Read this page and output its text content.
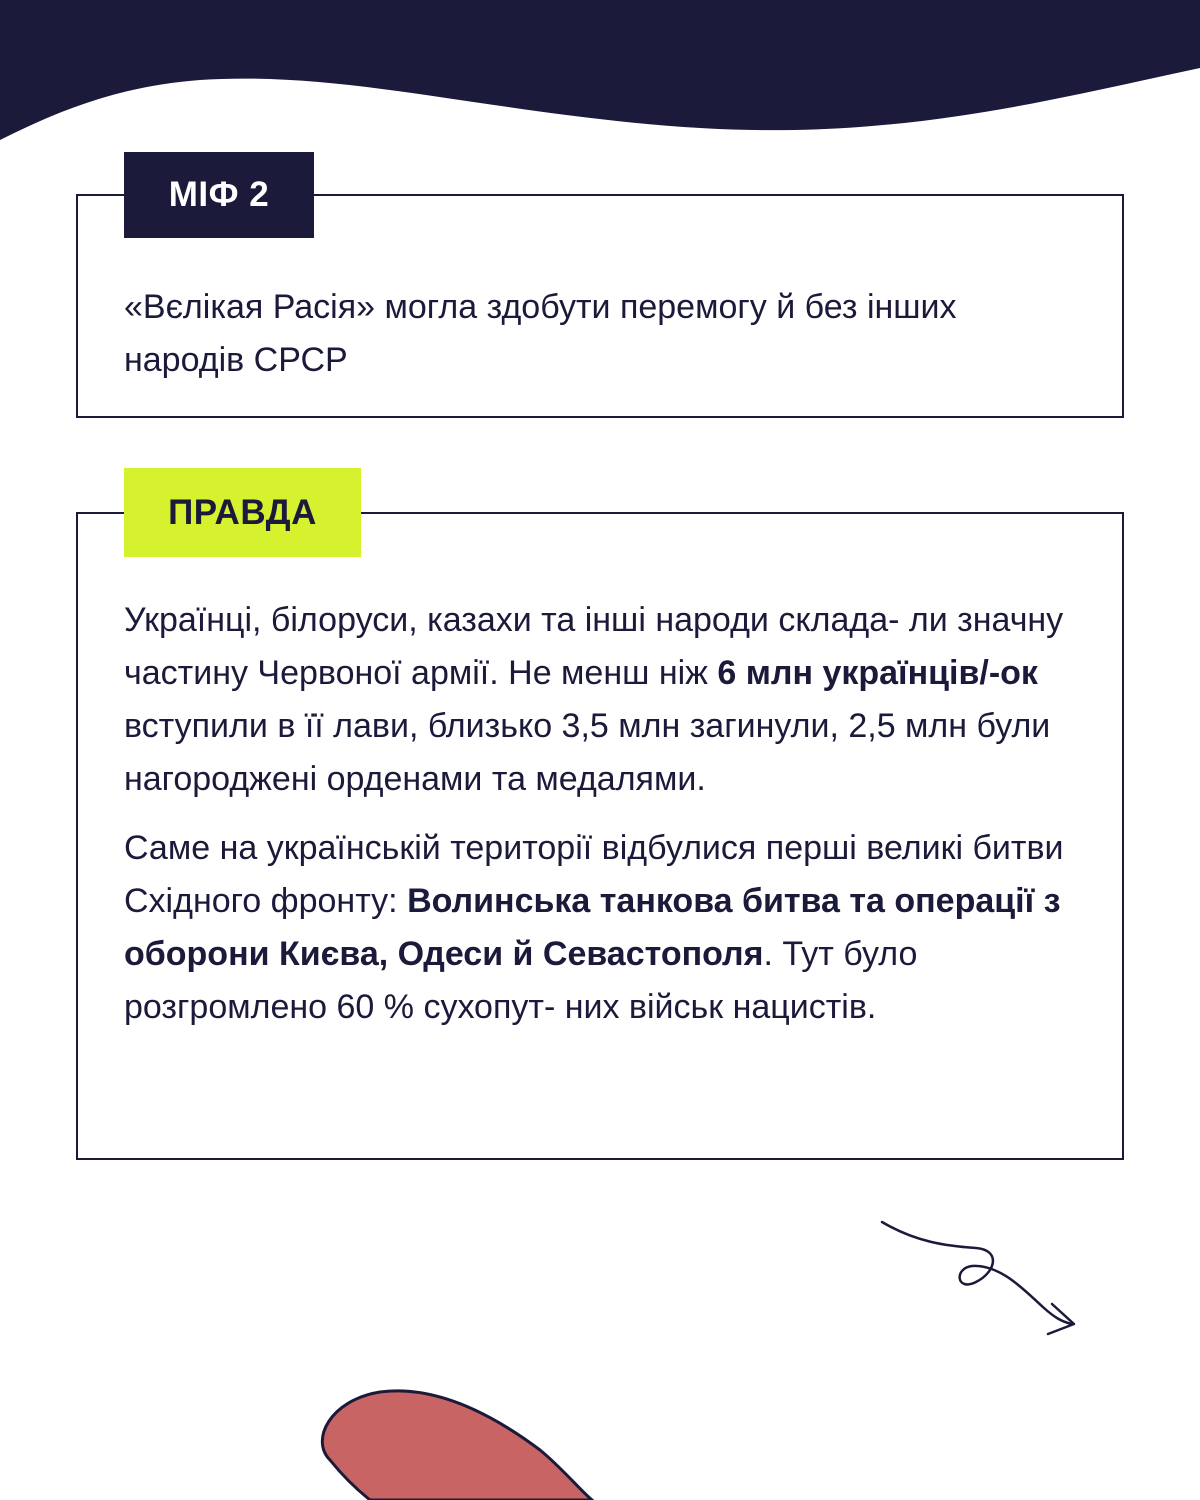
МІФ 2
«Вєлікая Расія» могла здобути перемогу й без інших народів СРСР
ПРАВДА

Українці, білоруси, казахи та інші народи склада- ли значну частину Червоної армії. Не менш ніж 6 млн українців/-ок вступили в її лави, близько 3,5 млн загинули, 2,5 млн були нагороджені орденами та медалями.

Саме на українській території відбулися перші великі битви Східного фронту: Волинська танкова битва та операції з оборони Києва, Одеси й Севастополя. Тут було розгромлено 60 % сухопут- них військ нацистів.
